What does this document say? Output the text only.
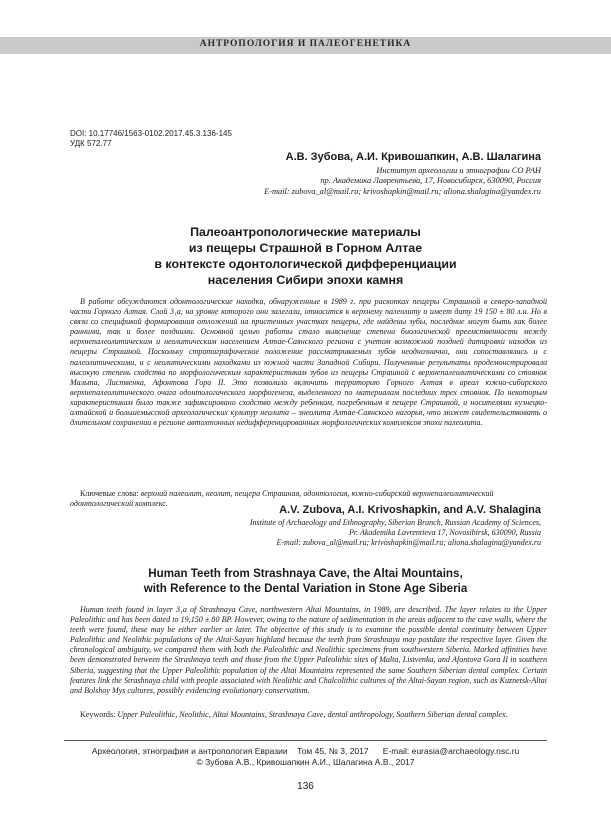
АНТРОПОЛОГИЯ И ПАЛЕОГЕНЕТИКА
DOI: 10.17746/1563-0102.2017.45.3.136-145
УДК 572.77
А.В. Зубова, А.И. Кривошапкин, А.В. Шалагина
Институт археологии и этнографии СО РАН
пр. Академика Лаврентьева, 17, Новосибирск, 630090, Россия
E-mail: zubova_al@mail.ru; krivoshapkin@mail.ru; aliona.shalagina@yandex.ru
Палеоантропологические материалы
из пещеры Страшной в Горном Алтае
в контексте одонтологической дифференциации
населения Сибири эпохи камня

В работе обсуждаются одонтологические находки, обнаруженные в 1989 г. при раскопках пещеры Страшной в северо-западной части Горного Алтая. Слой 3₁а, на уровне которого они залегали, относится к верхнему палеолиту и имеет дату 19 150 ± 80 л.н. Но в связи со спецификой формирования отложений на пристенных участках пещеры, где найдены зубы, последние могут быть как более ранними, так и более поздними. Основной целью работы стало выяснение степени биологической преемственности между верхнепалеолитическим и неолитическим населением Алтае-Саянского региона с учетом возможной поздней датировки находок из пещеры Страшной. Поскольку стратиграфическое положение рассматриваемых зубов неоднозначно, они сопоставлялись и с палеолитическими, и с неолитическими находками из южной части Западной Сибири. Полученные результаты продемонстрировали высокую степень сходства по морфологическим характеристикам зубов из пещеры Страшной с верхнепалеолитическими со стоянок Мальта, Лиственка, Афонтова Гора II. Это позволило включить территорию Горного Алтая в ареал южно-сибирского верхнепалеолитического очага одонтологического морфогенеза, выделенного по материалам последних трех стоянок. По некоторым характеристикам было также зафиксировано сходство между ребенком, погребенным в пещере Страшной, и носителями кузнецко-алтайской и большемысской археологических культур неолита – энеолита Алтае-Саянского нагорья, что может свидетельствовать о длительном сохранении в регионе автохтонных недифференцированных морфологических комплексов эпохи палеолита.

Ключевые слова: верхний палеолит, неолит, пещера Страшная, одонтология, южно-сибирский верхнепалеолитический одонтологический комплекс.

A.V. Zubova, A.I. Krivoshapkin, and A.V. Shalagina
Institute of Archaeology and Ethnography, Siberian Branch, Russian Academy of Sciences,
Pr. Akademika Lavrentieva 17, Novosibirsk, 630090, Russia
E-mail: zubova_al@mail.ru; krivoshapkin@mail.ru; aliona.shalagina@yandex.ru
Human Teeth from Strashnaya Cave, the Altai Mountains,
with Reference to the Dental Variation in Stone Age Siberia

Human teeth found in layer 3₁a of Strashnaya Cave, northwestern Altai Mountains, in 1989, are described. The layer relates to the Upper Paleolithic and has been dated to 19,150 ± 80 BP. However, owing to the nature of sedimentation in the areas adjacent to the cave walls, where the teeth were found, these may be either earlier or later. The objective of this study is to examine the possible dental continuity between Upper Paleolithic and Neolithic populations of the Altai-Sayan highland because the teeth from Strashnaya may postdate the respective layer. Given the chronological ambiguity, we compared them with both the Paleolithic and Neolithic specimens from southwestern Siberia. Marked affinities have been demonstrated between the Strashnaya teeth and those from the Upper Paleolithic sites of Malta, Listvenka, and Afontova Gora II in southern Siberia, suggesting that the Upper Paleolithic population of the Altai Mountains represented the same Southern Siberian dental complex. Certain features link the Strashnaya child with people associated with Neolithic and Chalcolithic cultures of the Altai-Sayan region, such as Kuznetsk-Altai and Bolshoy Mys cultures, possibly evidencing evolutionary conservatism.

Keywords: Upper Paleolithic, Neolithic, Altai Mountains, Strashnaya Cave, dental anthropology, Southern Siberian dental complex.

Археология, этнография и антропология Евразии Том 45, № 3, 2017 E-mail: eurasia@archaeology.nsc.ru
© Зубова А.В., Кривошапкин А.И., Шалагина А.В., 2017
136
